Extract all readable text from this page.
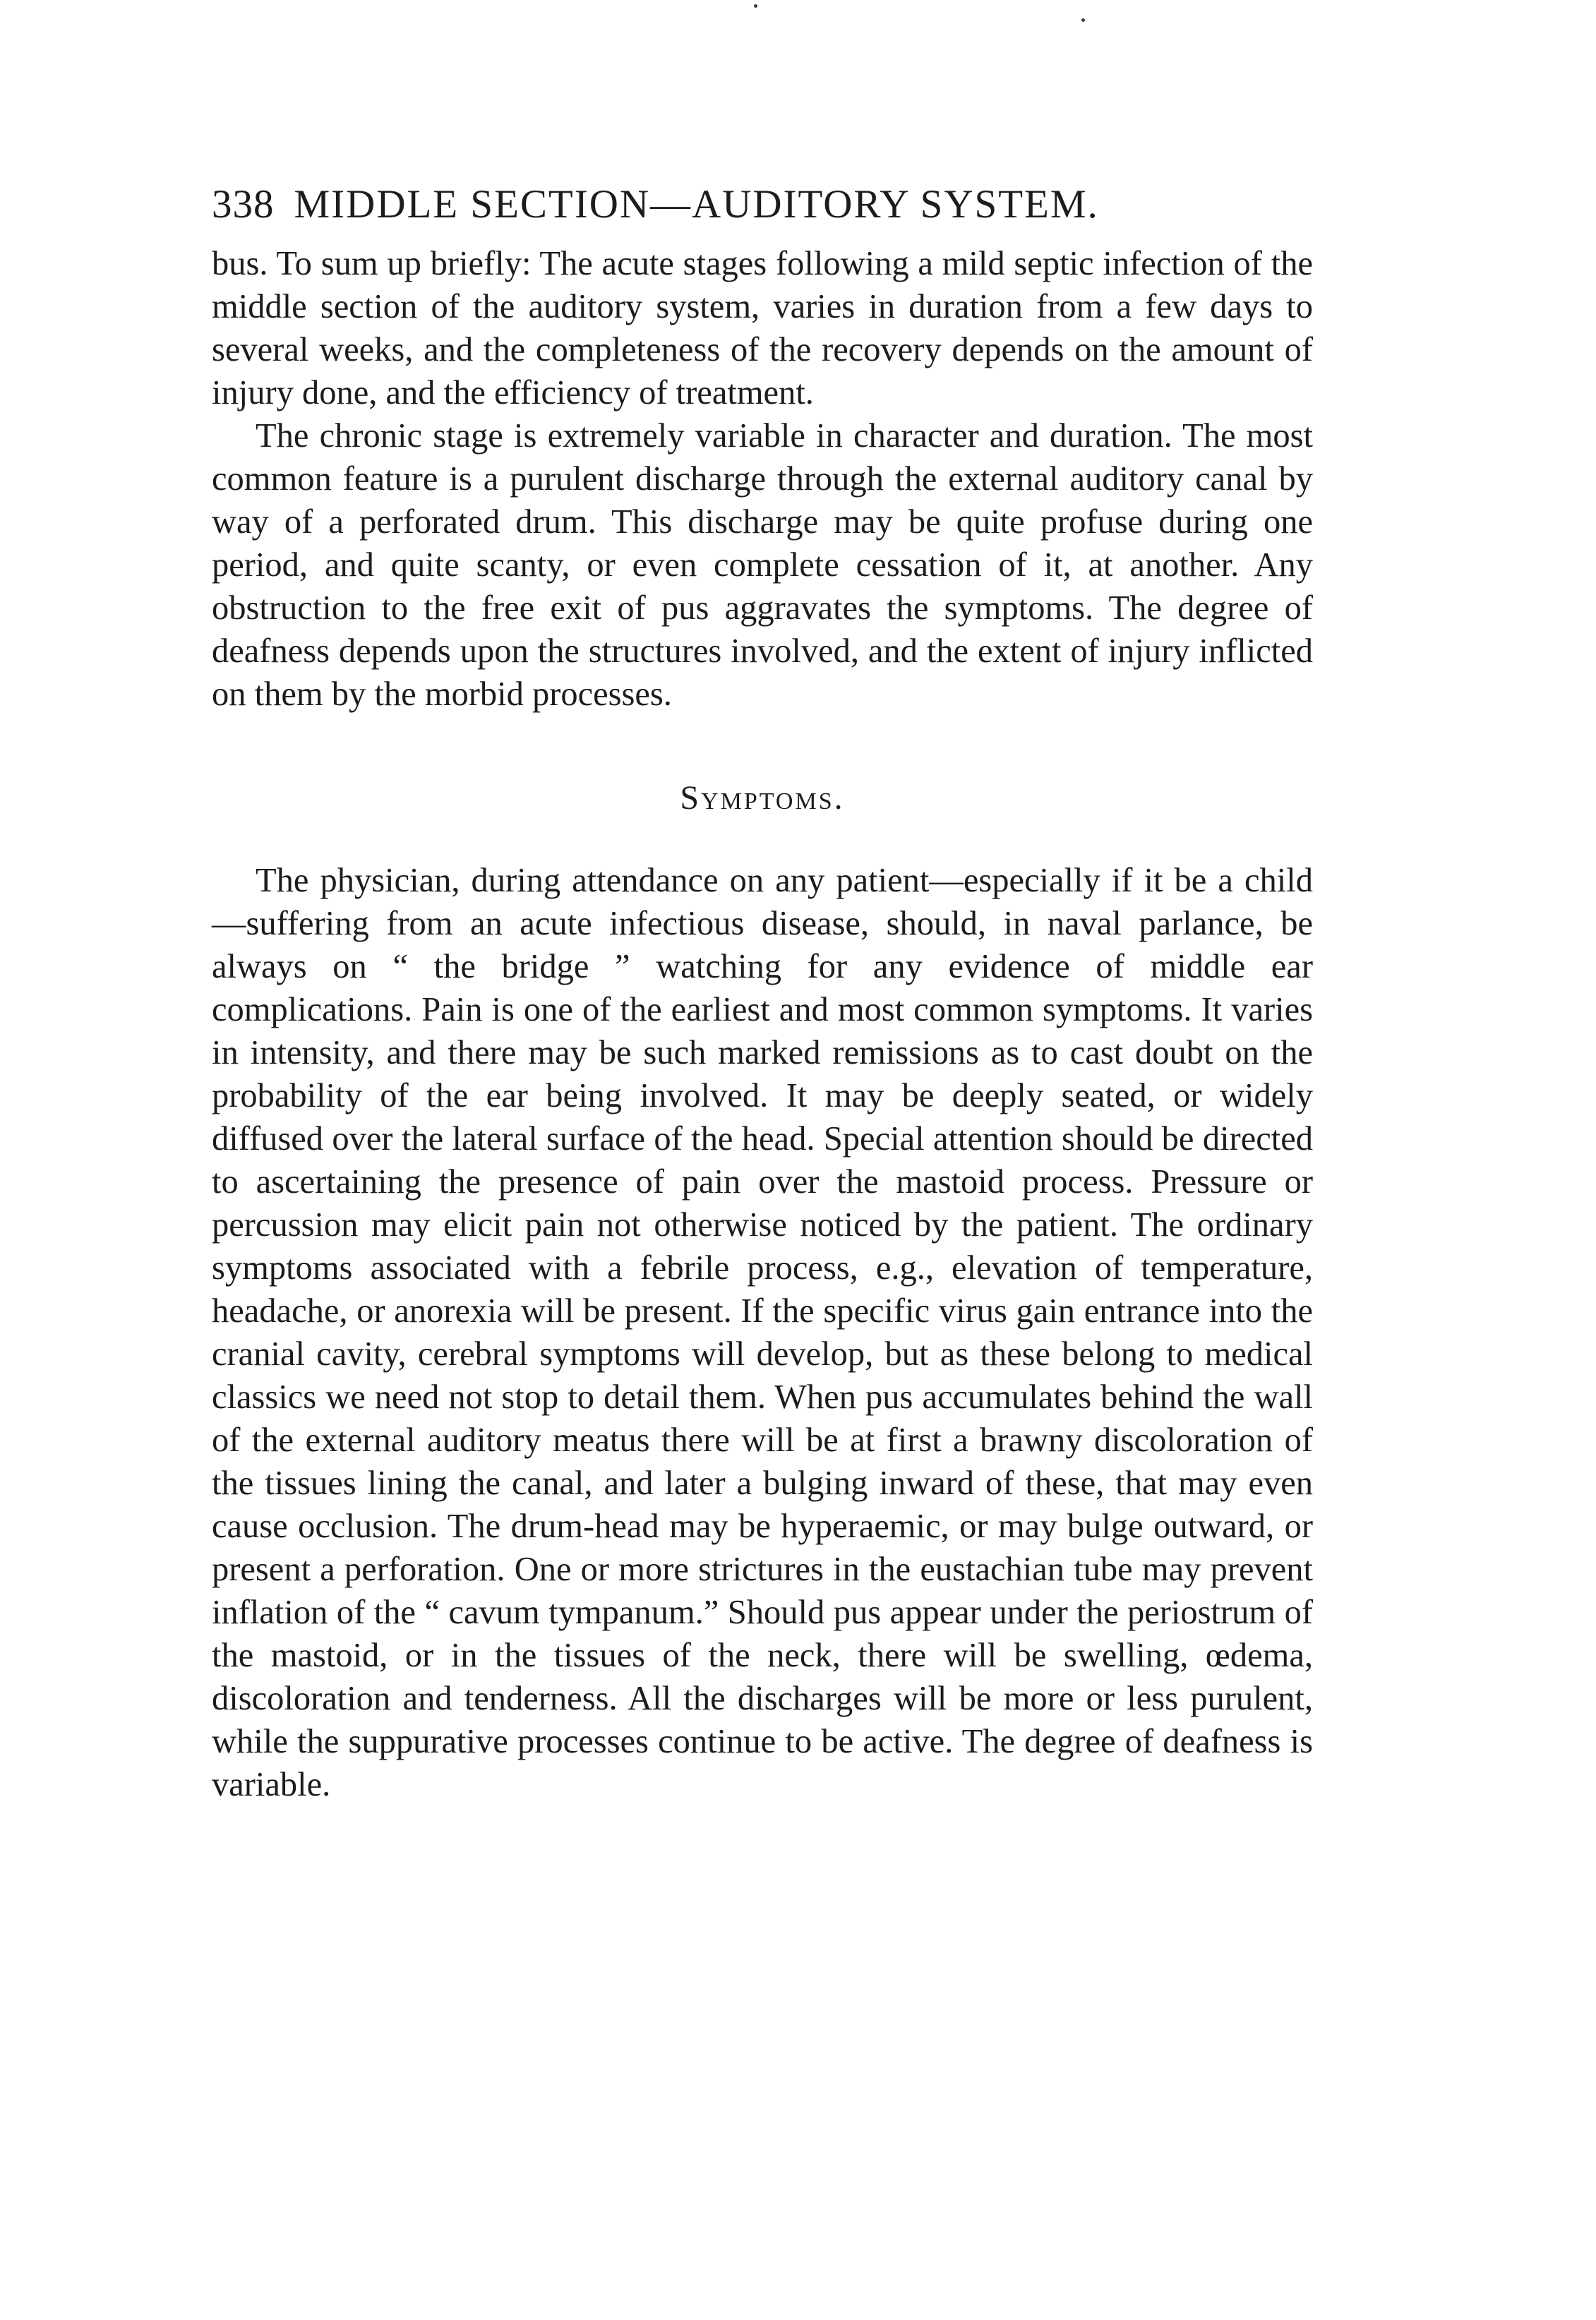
338 MIDDLE SECTION—AUDITORY SYSTEM.

bus. To sum up briefly: The acute stages following a mild septic infection of the middle section of the auditory system, varies in duration from a few days to several weeks, and the completeness of the recovery depends on the amount of injury done, and the efficiency of treatment.

The chronic stage is extremely variable in character and duration. The most common feature is a purulent discharge through the external auditory canal by way of a perforated drum. This discharge may be quite profuse during one period, and quite scanty, or even complete cessation of it, at another. Any obstruction to the free exit of pus aggravates the symptoms. The degree of deafness depends upon the structures involved, and the extent of injury inflicted on them by the morbid processes.

Symptoms.

The physician, during attendance on any patient—especially if it be a child—suffering from an acute infectious disease, should, in naval parlance, be always on “ the bridge ” watching for any evidence of middle ear complications. Pain is one of the earliest and most common symptoms. It varies in intensity, and there may be such marked remissions as to cast doubt on the probability of the ear being involved. It may be deeply seated, or widely diffused over the lateral surface of the head. Special attention should be directed to ascertaining the presence of pain over the mastoid process. Pressure or percussion may elicit pain not otherwise noticed by the patient. The ordinary symptoms associated with a febrile process, e.g., elevation of temperature, headache, or anorexia will be present. If the specific virus gain entrance into the cranial cavity, cerebral symptoms will develop, but as these belong to medical classics we need not stop to detail them. When pus accumulates behind the wall of the external auditory meatus there will be at first a brawny discoloration of the tissues lining the canal, and later a bulging inward of these, that may even cause occlusion. The drum-head may be hyperaemic, or may bulge outward, or present a perforation. One or more strictures in the eustachian tube may prevent inflation of the “ cavum tympanum.” Should pus appear under the periostrum of the mastoid, or in the tissues of the neck, there will be swelling, œdema, discoloration and tenderness. All the discharges will be more or less purulent, while the suppurative processes continue to be active. The degree of deafness is variable.
